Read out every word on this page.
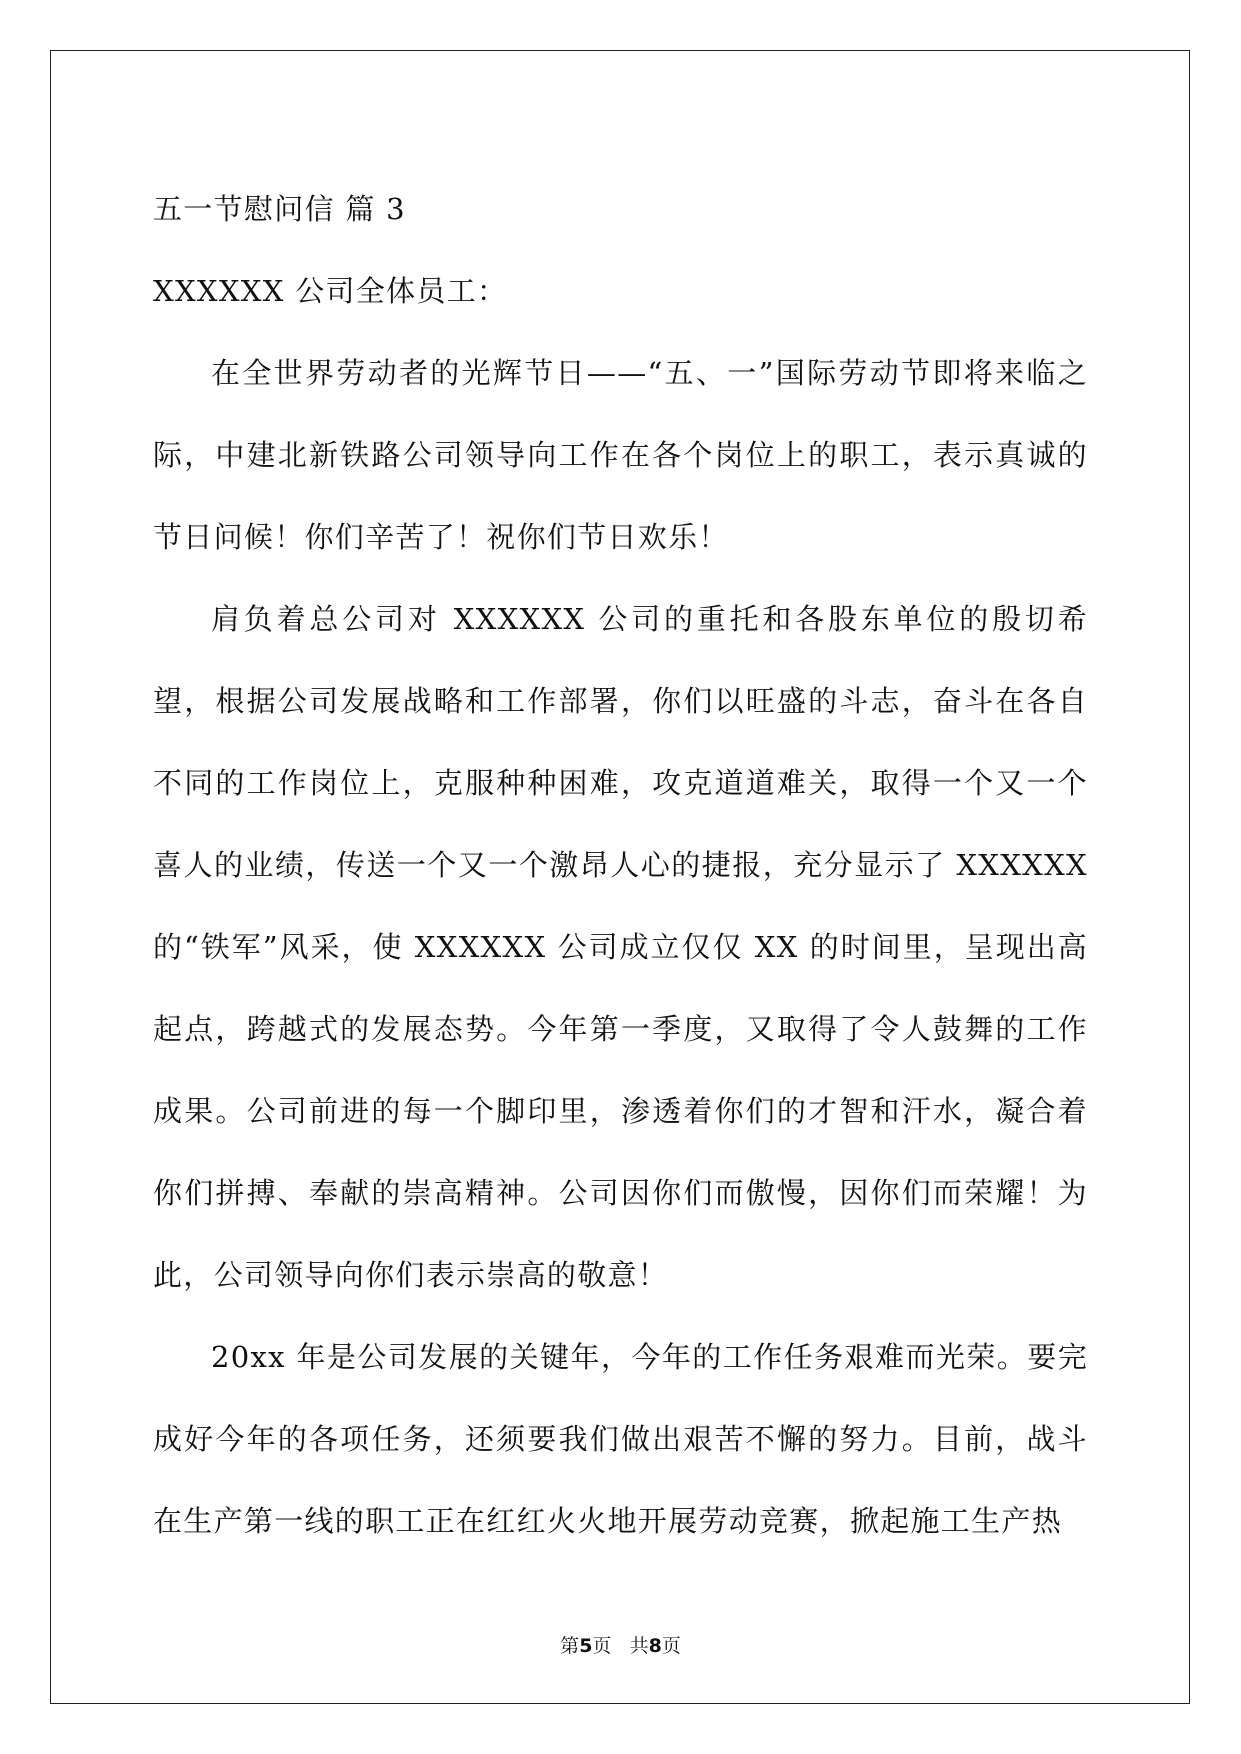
五一节慰问信 篇 3

XXXXXX 公司全体员工：

在全世界劳动者的光辉节日——“五、一”国际劳动节即将来临之际，中建北新铁路公司领导向工作在各个岗位上的职工，表示真诚的节日问候！你们辛苦了！祝你们节日欢乐！

肩负着总公司对 XXXXXX 公司的重托和各股东单位的殷切希望，根据公司发展战略和工作部署，你们以旺盛的斗志，奋斗在各自不同的工作岗位上，克服种种困难，攻克道道难关，取得一个又一个喜人的业绩，传送一个又一个激昂人心的捷报，充分显示了 XXXXXX 的“铁军”风采，使 XXXXXX 公司成立仅仅 XX 的时间里，呈现出高起点，跨越式的发展态势。今年第一季度，又取得了令人鼓舞的工作成果。公司前进的每一个脚印里，渗透着你们的才智和汗水，凝合着你们拼搏、奉献的崇高精神。公司因你们而傲慢，因你们而荣耀！为此，公司领导向你们表示崇高的敬意！

20xx 年是公司发展的关键年，今年的工作任务艰难而光荣。要完成好今年的各项任务，还须要我们做出艰苦不懈的努力。目前，战斗在生产第一线的职工正在红红火火地开展劳动竞赛，掀起施工生产热

第5页 共8页
